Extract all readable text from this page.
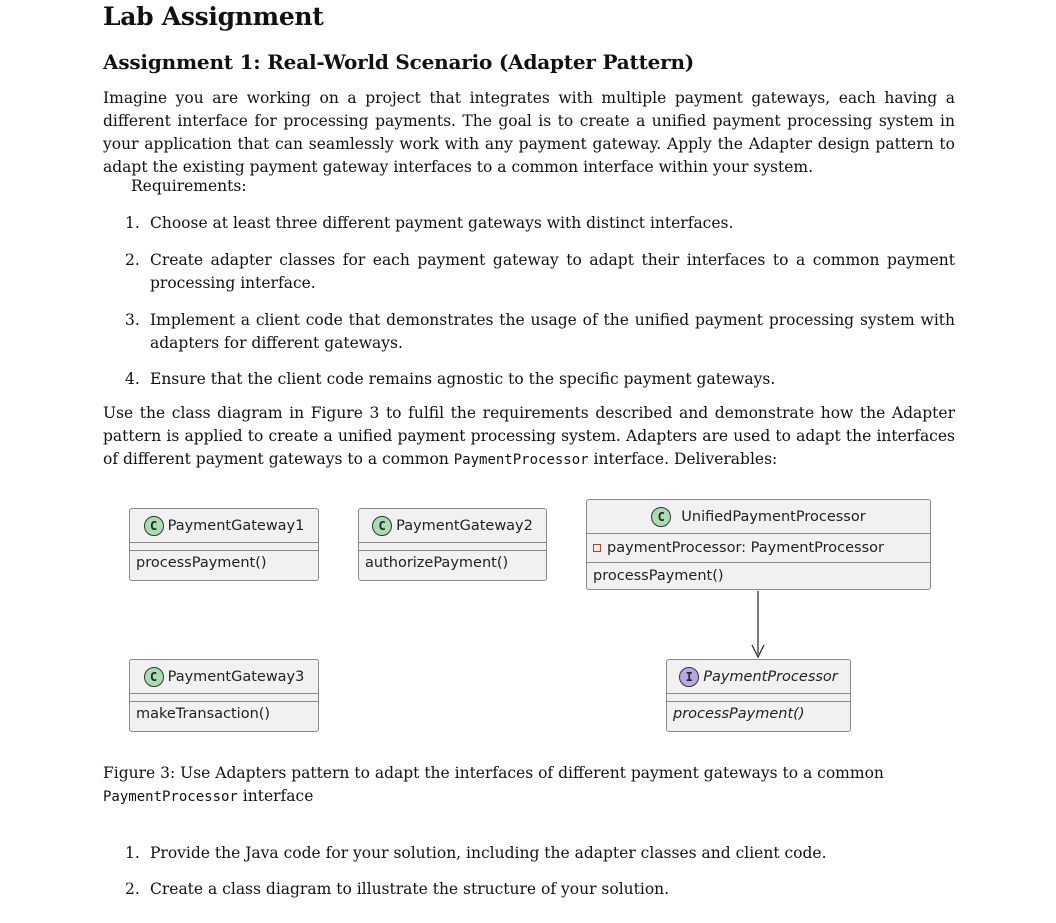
Lab Assignment
Assignment 1: Real-World Scenario (Adapter Pattern)
Imagine you are working on a project that integrates with multiple payment gateways, each having a different interface for processing payments. The goal is to create a unified payment processing system in your application that can seamlessly work with any payment gateway. Apply the Adapter design pattern to adapt the existing payment gateway interfaces to a common interface within your system.
Requirements:
1. Choose at least three different payment gateways with distinct interfaces.
2. Create adapter classes for each payment gateway to adapt their interfaces to a common payment processing interface.
3. Implement a client code that demonstrates the usage of the unified payment processing system with adapters for different gateways.
4. Ensure that the client code remains agnostic to the specific payment gateways.
Use the class diagram in Figure 3 to fulfil the requirements described and demonstrate how the Adapter pattern is applied to create a unified payment processing system. Adapters are used to adapt the interfaces of different payment gateways to a common PaymentProcessor interface. Deliverables:
Figure 3: Use Adapters pattern to adapt the interfaces of different payment gateways to a common
PaymentProcessor interface
1. Provide the Java code for your solution, including the adapter classes and client code.
2. Create a class diagram to illustrate the structure of your solution.
C PaymentGateway1
processPayment()
C PaymentGateway2
authorizePayment()
C	UnifiedPaymentProcessor
paymentProcessor: PaymentProcessor
processPayment()
C PaymentGateway3
makeTransaction()
I PaymentProcessor
processPayment()
